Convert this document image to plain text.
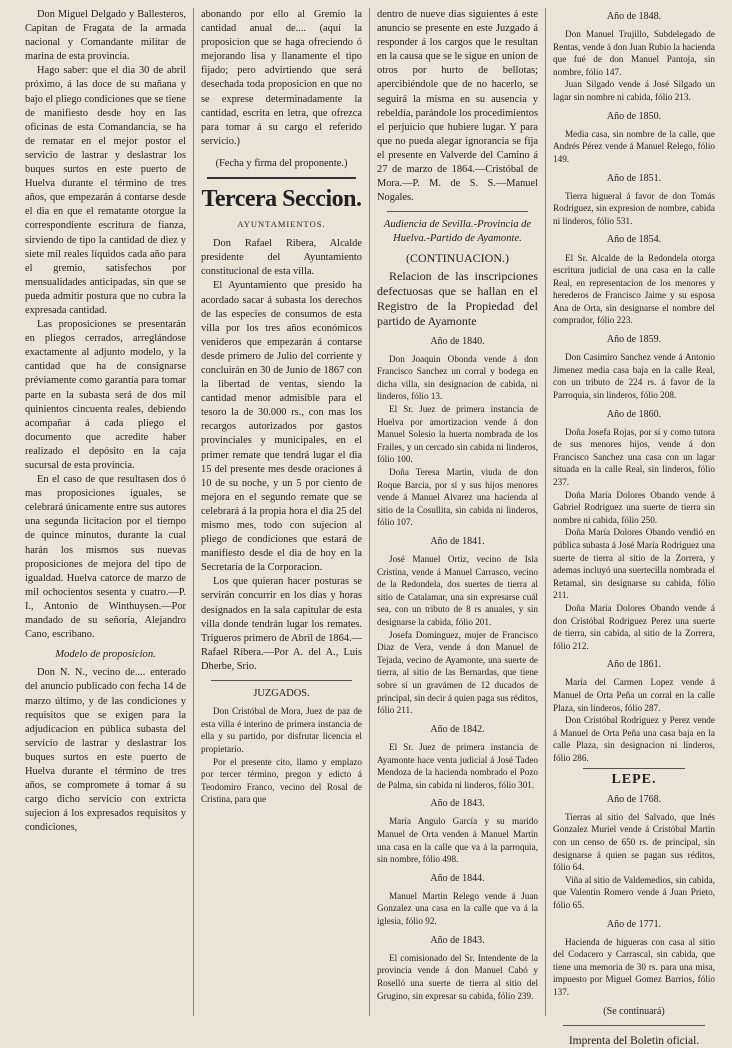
Don Miguel Delgado y Ballesteros, Capitan de Fragata de la armada nacional y Comandante militar de marina de esta provincia.

Hago saber: que el dia 30 de abril próximo, á las doce de su mañana y bajo el pliego condiciones que se tiene de manifiesto desde hoy en las oficinas de esta Comandancia, se ha de rematar en el mejor postor el servicio de lastrar y deslastrar los buques surtos en este puerto de Huelva durante el término de tres años, que empezarán á contarse desde el dia en que el rematante otorgue la correspondiente escritura de fianza, sirviendo de tipo la cantidad de diez y siete mil reales líquidos cada año para el gremio, satisfechos por mensualidades anticipadas, sin que se pueda admitir postura que no cubra la expresada cantidad.

Las proposiciones se presentarán en pliegos cerrados, arreglándose exactamente al adjunto modelo, y la cantidad que ha de consignarse préviamente como garantía para tomar parte en la subasta será de dos mil quinientos cincuenta reales, debiendo acompañar á cada pliego el documento que acredite haber realizado el depósito en la caja sucursal de esta provincia.

En el caso de que resultasen dos ó mas proposiciones iguales, se celebrará únicamente entre sus autores una segunda licitacion por el tiempo de quince minutos, durante la cual harán los mismos sus nuevas proposiciones de mejora del tipo de igualdad. Huelva catorce de marzo de mil ochocientos sesenta y cuatro.—P. I., Antonio de Winthuysen.—Por mandado de su señoría, Alejandro Cano, escribano.

Modelo de proposicion.

Don N. N., vecino de.... enterado del anuncio publicado con fecha 14 de marzo último, y de las condiciones y requisitos que se exigen para la adjudicacion en pública subasta del servicio de lastrar y deslastrar los buques surtos en este puerto de Huelva durante el término de tres años, se compromete á tomar á su cargo dicho servicio con extricta sujecion á los expresados requisitos y condiciones,

abonando por ello al Gremio la cantidad anual de.... (aquí la proposicion que se haga ofreciendo ó mejorando lisa y llanamente el tipo fijado; pero advirtiendo que será desechada toda proposicion en que no se exprese determinadamente la cantidad, escrita en letra, que ofrezca para tomar á su cargo el referido servicio.)

(Fecha y firma del proponente.)
Tercera Seccion.
AYUNTAMIENTOS.

Don Rafael Ribera, Alcalde presidente del Ayuntamiento constitucional de esta villa.

El Ayuntamiento que presido ha acordado sacar á subasta los derechos de las especies de consumos de esta villa por los tres años económicos venideros que empezarán á contarse desde primero de Julio del corriente y concluirán en 30 de Junio de 1867 con la libertad de ventas, siendo la cantidad menor admisible para el tesoro la de 30.000 rs., con mas los recargos autorizados por gastos provinciales y municipales, en el primer remate que tendrá lugar el dia 15 del presente mes desde oraciones á 10 de su noche, y un 5 por ciento de mejora en el segundo remate que se celebrará á la propia hora el dia 25 del mismo mes, todo con sujecion al pliego de condiciones que estará de manifiesto desde el dia de hoy en la Secretaría de la Corporacion.

Los que quieran hacer posturas se servirán concurrir en los dias y horas designados en la sala capitular de esta villa donde tendrán lugar los remates. Trigueros primero de Abril de 1864.—Rafael Ribera.—Por A. del A., Luis Dherbe, Srio.

JUZGADOS.

Don Cristóbal de Mora, Juez de paz de esta villa é interino de primera instancia de ella y su partido, por disfrutar licencia el propietario.

Por el presente cito, llamo y emplazo por tercer término, pregon y edicto á Teodomiro Franco, vecino del Rosal de Cristina, para que

dentro de nueve dias siguientes á este anuncio se presente en este Juzgado á responder á los cargos que le resultan en la causa que se le sigue en union de otros por hurto de bellotas; apercibiéndole que de no hacerlo, se seguirá la misma en su ausencia y rebeldía, parándole los procedimientos el perjuicio que hubiere lugar. Y para que no pueda alegar ignorancia se fija el presente en Valverde del Camino á 27 de marzo de 1864.—Cristóbal de Mora.—P. M. de S. S.—Manuel Nogales.

Audiencia de Sevilla.-Provincia de Huelva.-Partido de Ayamonte.
(CONTINUACION.)

Relacion de las inscripciones defectuosas que se hallan en el Registro de la Propiedad del partido de Ayamonte

Año de 1840.

Don Joaquin Obonda vende á don Francisco Sanchez un corral y bodega en dicha villa, sin designacion de cabida, ni linderos, fólio 13.

El Sr. Juez de primera instancia de Huelva por amortizacion vende á don Manuel Solesio la huerta nombrada de los Frailes, y un cercado sin cabida ni linderos, fólio 100.

Doña Teresa Martin, viuda de don Roque Barcia, por sí y sus hijos menores vende á Manuel Alvarez una hacienda al sitio de la Cosullita, sin cabida ni linderos, fólio 107.

Año de 1841.

José Manuel Ortiz, vecino de Isla Cristina, vende á Manuel Carrasco, vecino de la Redondela, dos suertes de tierra al sitio de Catalamar, una sin expresarse cuál sea, con un tributo de 8 rs anuales, y sin designarse la cabida, fólio 201.

Josefa Dominguez, mujer de Francisco Diaz de Vera, vende á don Manuel de Tejada, vecino de Ayamonte, una suerte de tierra, al sitio de las Bernardas, que tiene sobre sí un gravámen de 12 ducados de principal, sin decir á quien paga sus réditos, fólio 211.

Año de 1842.

El Sr. Juez de primera instancia de Ayamonte hace venta judicial á José Tadeo Mendoza de la hacienda nombrado el Pozo de Palma, sin cabida ni linderos, fólio 301.

Año de 1843.

María Angulo García y su marido Manuel de Orta venden á Manuel Martín una casa en la calle que va á la parroquia, sin nombre, fólio 498.

Año de 1844.

Manuel Martin Relego vende á Juan Gonzalez una casa en la calle que va á la iglesia, fólio 92.

Año de 1843.

El comisionado del Sr. Intendente de la provincia vende á don Manuel Cabó y Roselló una suerte de tierra al sitio del Grugino, sin expresar su cabida, fólio 239.

Año de 1848.

Don Manuel Trujillo, Subdelegado de Rentas, vende á don Juan Rubio la hacienda que fué de don Manuel Pantoja, sin nombre, fólio 147.

Juan Silgado vende á José Silgado un lagar sin nombre ni cabida, fólio 213.

Año de 1850.

Media casa, sin nombre de la calle, que Andrés Pérez vende á Manuel Relego, fólio 149.

Año de 1851.

Tierra higueral á favor de don Tomás Rodriguez, sin expresion de nombre, cabida ni linderos, fólio 531.

Año de 1854.

El Sr. Alcalde de la Redondela otorga escritura judicial de una casa en la calle Real, en representacion de los menores y herederos de Francisco Jaime y su esposa Ana de Orta, sin designarse el nombre del comprador, fólio 223.

Año de 1859.

Don Casimiro Sanchez vende á Antonio Jimenez media casa baja en la calle Real, con un tributo de 224 rs. á favor de la Parroquia, sin linderos, fólio 208.

Año de 1860.

Doña Josefa Rojas, por sí y como tutora de sus menores hijos, vende á don Francisco Sanchez una casa con un lagar situada en la calle Real, sin linderos, fólio 237.

Doña María Dolores Obando vende á Gabriel Rodriguez una suerte de tierra sin nombre ni cabida, fólio 250.

Doña María Dolores Obando vendió en pública subasta á José María Rodriguez una suerte de tierra al sitio de la Zorrera, y ademas incluyó una suertecilla nombrada el Retamal, sin designarse su cabida, fólio 211.

Doña María Dolores Obando vende á don Cristóbal Rodriguez Perez una suerte de tierra, sin cabida, al sitio de la Zorrera, fólio 212.

Año de 1861.

María del Carmen Lopez vende á Manuel de Orta Peña un corral en la calle Plaza, sin linderos, fólio 287.

Don Cristóbal Rodriguez y Perez vende á Manuel de Orta Peña una casa baja en la calle Plaza, sin designacion ni linderos, fólio 286.

LEPE.
Año de 1768.

Tierras al sitio del Salvado, que Inés Gonzalez Muriel vende á Cristóbal Martin con un censo de 650 rs. de principal, sin designarse á quien se pagan sus réditos, fólio 64.

Viña al sitio de Valdemedios, sin cabida, que Valentin Romero vende á Juan Prieto, fólio 65.

Año de 1771.

Hacienda de higueras con casa al sitio del Codacero y Carrascal, sin cabida, que tiene una memoria de 30 rs. para una misa, impuesto por Miguel Gomez Barrios, fólio 137.

(Se continuará)
Imprenta del Boletin oficial.
